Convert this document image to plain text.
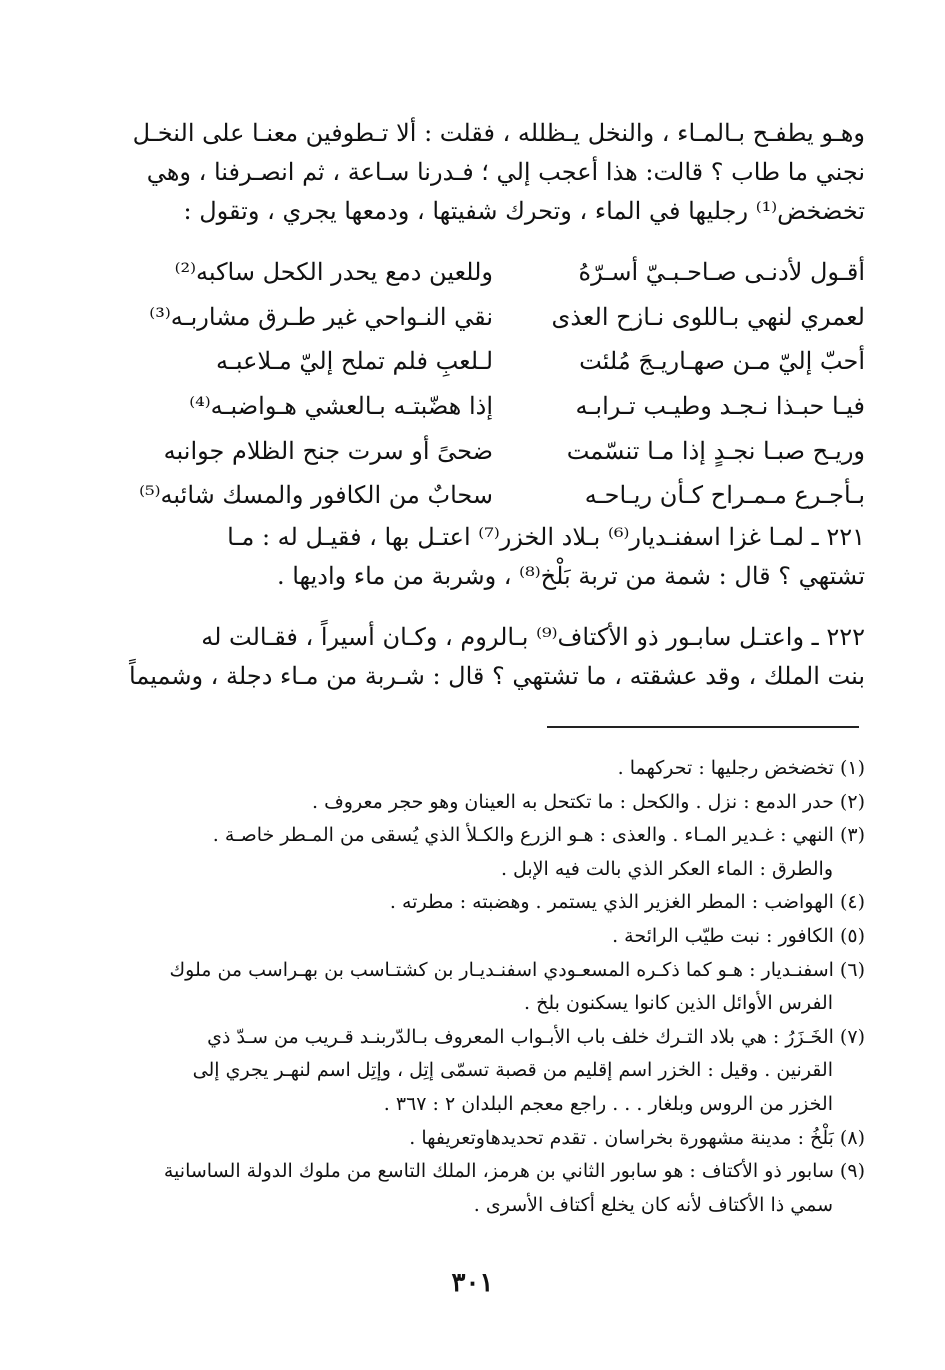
وهـو يطفـح بـالمـاء ، والنخل يـظلله ، فقلت : ألا تـطوفين معنـا على النخـل
نجني ما طاب ؟ قالت: هذا أعجب إلي ؛ فـدرنا سـاعة ، ثم انصـرفنا ، وهي
تخضخض⁽¹⁾ رجليها في الماء ، وتحرك شفيتها ، ودمعها يجري ، وتقول :
أقـول لأدنـى صـاحـبـيّ أسـرّهُ
وللعين دمع يحدر الكحل ساكبه⁽²⁾
لعمري لنهي بـاللوى نـازح العذى
نقي النـواحي غير طـرق مشاربـه⁽³⁾
أحبّ إليّ مـن صهـاريـجَ مُلئت
لـلعبِ فلم تملح إليّ مـلاعبـه
فيـا حبـذا نـجـد وطيـب تـرابـه
إذا هضّبتـه بـالعشي هـواضبـه⁽⁴⁾
وريـح صبـا نجـدٍ إذا مـا تنسّمت
ضحىً أو سرت جنح الظلام جوانبه
بـأجـرع مـمـراح كـأن ريـاحـه
سحابٌ من الكافور والمسك شائبه⁽⁵⁾
٢٢١ ـ لمـا غزا اسفنـديار⁽⁶⁾ بـلاد الخزر⁽⁷⁾ اعتـل بها ، فقيـل له : مـا
تشتهي ؟ قال : شمة من تربة بَلْخ⁽⁸⁾ ، وشربة من ماء واديها .
٢٢٢ ـ واعتـل سابـور ذو الأكتاف⁽⁹⁾ بـالروم ، وكـان أسيراً ، فقـالت له
بنت الملك ، وقد عشقته ، ما تشتهي ؟ قال : شـربة من مـاء دجلة ، وشميماً
(١) تخضخض رجليها : تحركهما .
(٢) حدر الدمع : نزل . والكحل : ما تكتحل به العينان وهو حجر معروف .
(٣) النهي : غـدير المـاء . والعذى : هـو الزرع والكـلأ الذي يُسقى من المـطر خاصـة .
والطرق : الماء العكر الذي بالت فيه الإبل .
(٤) الهواضب : المطر الغزير الذي يستمر . وهضبته : مطرته .
(٥) الكافور : نبت طيّب الرائحة .
(٦) اسفنـديار : هـو كما ذكـره المسعـودي اسفنـديـار بن كشتـاسب بن بهـراسب من ملوك
الفرس الأوائل الذين كانوا يسكنون بلخ .
(٧) الخَـزَرُ : هي بلاد التـرك خلف باب الأبـواب المعروف بـالدّربنـد قـريب من سـدّ ذي
القرنين . وقيل : الخزر اسم إقليم من قصبة تسمّى إتِل ، وإتِل اسم لنهـر يجري إلى
الخزر من الروس وبلغار . . . راجع معجم البلدان ٢ : ٣٦٧ .
(٨) بَلْخُ : مدينة مشهورة بخراسان . تقدم تحديدهاوتعريفها .
(٩) سابور ذو الأكتاف : هو سابور الثاني بن هرمز، الملك التاسع من ملوك الدولة الساسانية
سمي ذا الأكتاف لأنه كان يخلع أكتاف الأسرى .
٣٠١
